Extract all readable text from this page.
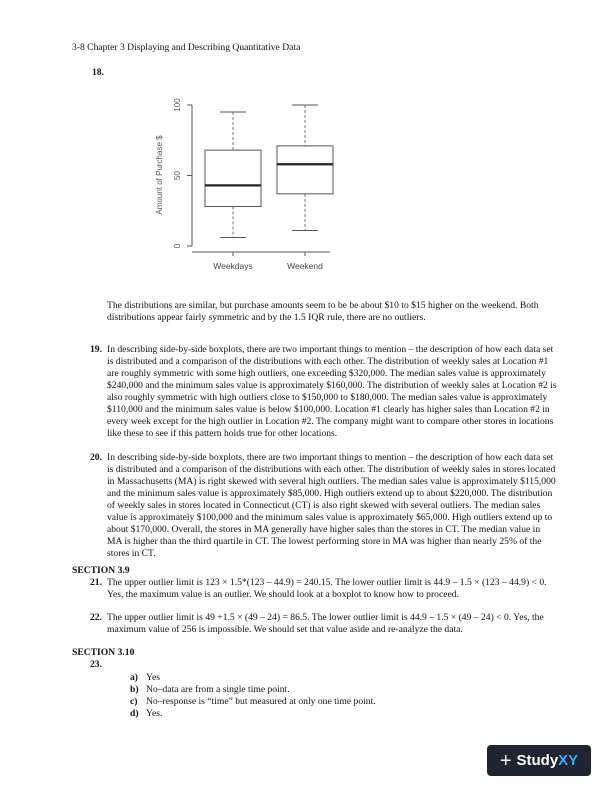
3-8 Chapter 3 Displaying and Describing Quantitative Data
18.
0
50
100
Amount of Purchase $
Weekdays	Weekend
The distributions are similar, but purchase amounts seem to be be about $10 to $15 higher on the weekend. Both distributions appear fairly symmetric and by the 1.5 IQR rule, there are no outliers.
19. In describing side-by-side boxplots, there are two important things to mention – the description of how each data set is distributed and a comparison of the distributions with each other. The distribution of weekly sales at Location #1 are roughly symmetric with some high outliers, one exceeding $320,000. The median sales value is approximately $240,000 and the minimum sales value is approximately $160,000. The distribution of weekly sales at Location #2 is also roughly symmetric with high outliers close to $150,000 to $180,000. The median sales value is approximately $110,000 and the minimum sales value is below $100,000. Location #1 clearly has higher sales than Location #2 in every week except for the high outlier in Location #2. The company might want to compare other stores in locations like these to see if this pattern holds true for other locations.
20. In describing side-by-side boxplots, there are two important things to mention – the description of how each data set is distributed and a comparison of the distributions with each other. The distribution of weekly sales in stores located in Massachusetts (MA) is right skewed with several high outliers. The median sales value is approximately $115,000 and the minimum sales value is approximately $85,000. High outliers extend up to about $220,000. The distribution of weekly sales in stores located in Connecticut (CT) is also right skewed with several outliers. The median sales value is approximately $100,000 and the minimum sales value is approximately $65,000. High outliers extend up to about $170,000. Overall, the stores in MA generally have higher sales than the stores in CT. The median value in MA is higher than the third quartile in CT. The lowest performing store in MA was higher than nearly 25% of the stores in CT.
SECTION 3.9
21. The upper outlier limit is 123 × 1.5*(123 – 44.9) = 240.15. The lower outlier limit is 44.9 – 1.5 × (123 – 44.9) < 0. Yes, the maximum value is an outlier. We should look at a boxplot to know how to proceed.
22. The upper outlier limit is 49 +1.5 × (49 – 24) = 86.5. The lower outlier limit is 44.9 – 1.5 × (49 – 24) < 0. Yes, the maximum value of 256 is impossible. We should set that value aside and re-analyze the data.
SECTION 3.10
23.
a) Yes
b) No–data are from a single time point.
c) No–response is “time” but measured at only one time point.
d) Yes.
+ StudyXY
